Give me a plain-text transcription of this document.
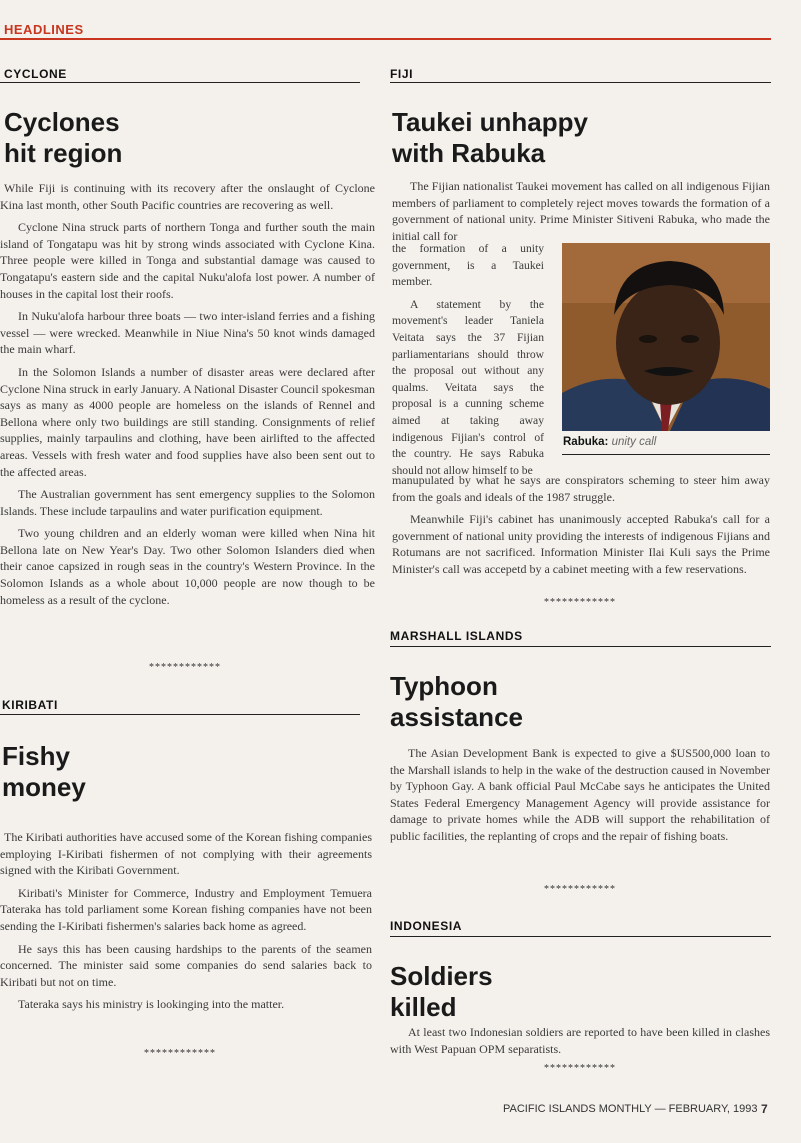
HEADLINES
CYCLONE
Cyclones
hit region

While Fiji is continuing with its recovery after the onslaught of Cyclone Kina last month, other South Pacific countries are recovering as well.

Cyclone Nina struck parts of northern Tonga and further south the main island of Tongatapu was hit by strong winds associated with Cyclone Kina. Three people were killed in Tonga and substantial damage was caused to Tongatapu's eastern side and the capital Nuku'alofa lost power. A number of houses in the capital lost their roofs.

In Nuku'alofa harbour three boats — two inter-island ferries and a fishing vessel — were wrecked. Meanwhile in Niue Nina's 50 knot winds damaged the main wharf.

In the Solomon Islands a number of disaster areas were declared after Cyclone Nina struck in early January. A National Disaster Council spokesman says as many as 4000 people are homeless on the islands of Rennel and Bellona where only two buildings are still standing. Consignments of relief supplies, mainly tarpaulins and clothing, have been airlifted to the affected areas. Vessels with fresh water and food supplies have also been sent out to the affected areas.

The Australian government has sent emergency supplies to the Solomon Islands. These include tarpaulins and water purification equipment.

Two young children and an elderly woman were killed when Nina hit Bellona late on New Year's Day. Two other Solomon Islanders died when their canoe capsized in rough seas in the country's Western Province. In the Solomon Islands as a whole about 10,000 people are now though to be homeless as a result of the cyclone.

************
KIRIBATI
Fishy
money

The Kiribati authorities have accused some of the Korean fishing companies employing I-Kiribati fishermen of not complying with their agreements signed with the Kiribati Government.

Kiribati's Minister for Commerce, Industry and Employment Temuera Tateraka has told parliament some Korean fishing companies have not been sending the I-Kiribati fishermen's salaries back home as agreed.

He says this has been causing hardships to the parents of the seamen concerned. The minister said some companies do send salaries back to Kiribati but not on time.

Tateraka says his ministry is lookinging into the matter.

************
FIJI
Taukei unhappy
with Rabuka

The Fijian nationalist Taukei movement has called on all indigenous Fijian members of parliament to completely reject moves towards the formation of a government of national unity. Prime Minister Sitiveni Rabuka, who made the initial call for

the formation of a unity government, is a Taukei member.

A statement by the movement's leader Taniela Veitata says the 37 Fijian parliamentarians should throw the proposal out without any qualms. Veitata says the proposal is a cunning scheme aimed at taking away indigenous Fijian's control of the country. He says Rabuka should not allow himself to be

Rabuka: unity call

manupulated by what he says are conspirators scheming to steer him away from the goals and ideals of the 1987 struggle.

Meanwhile Fiji's cabinet has unanimously accepted Rabuka's call for a government of national unity providing the interests of indigenous Fijians and Rotumans are not sacrificed. Information Minister Ilai Kuli says the Prime Minister's call was accepetd by a cabinet meeting with a few reservations.

************
MARSHALL ISLANDS
Typhoon
assistance

The Asian Development Bank is expected to give a $US500,000 loan to the Marshall islands to help in the wake of the destruction caused in November by Typhoon Gay. A bank official Paul McCabe says he anticipates the United States Federal Emergency Management Agency will provide assistance for damage to private homes while the ADB will support the rehabilitation of public facilities, the replanting of crops and the repair of fishing boats.

************
INDONESIA
Soldiers
killed

At least two Indonesian soldiers are reported to have been killed in clashes with West Papuan OPM separatists.

************
PACIFIC ISLANDS MONTHLY — FEBRUARY, 1993 7
